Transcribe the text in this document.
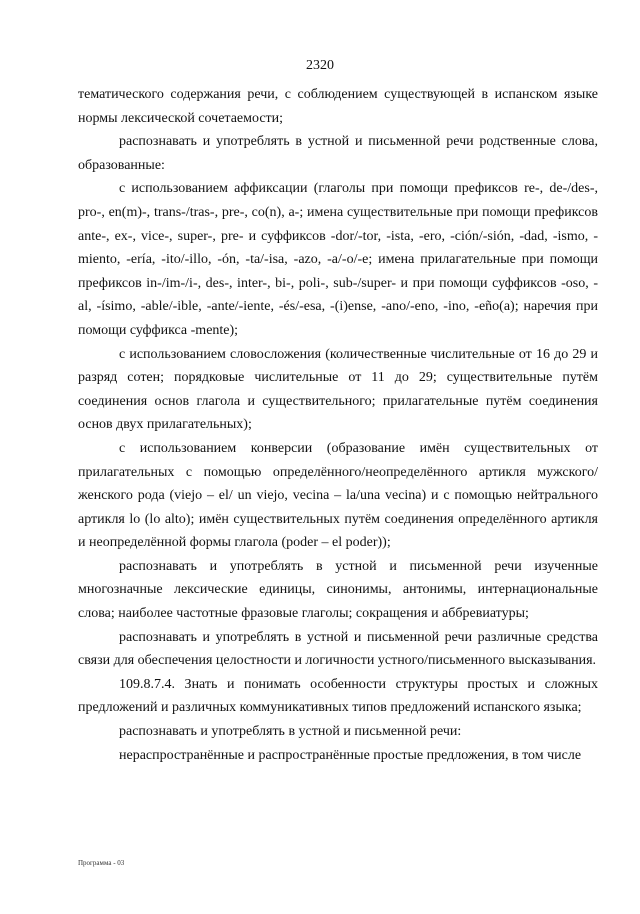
2320

тематического содержания речи, с соблюдением существующей в испанском языке нормы лексической сочетаемости;

распознавать и употреблять в устной и письменной речи родственные слова, образованные:

с использованием аффиксации (глаголы при помощи префиксов re-, de-/des-, pro-, en(m)-, trans-/tras-, pre-, co(n), a-; имена существительные при помощи префиксов ante-, ex-, vice-, super-, pre- и суффиксов -dor/-tor, -ista, -ero, -ción/-sión, -dad, -ismo, -miento, -ería, -ito/-illo, -ón, -ta/-isa, -azo, -a/-o/-e; имена прилагательные при помощи префиксов in-/im-/i-, des-, inter-, bi-, poli-, sub-/super- и при помощи суффиксов -oso, -al, -ísimo, -able/-ible, -ante/-iente, -és/-esa, -(i)ense, -ano/-eno, -ino, -eño(a); наречия при помощи суффикса -mente);

с использованием словосложения (количественные числительные от 16 до 29 и разряд сотен; порядковые числительные от 11 до 29; существительные путём соединения основ глагола и существительного; прилагательные путём соединения основ двух прилагательных);

с использованием конверсии (образование имён существительных от прилагательных с помощью определённого/неопределённого артикля мужского/женского рода (viejo – el/ un viejo, vecina – la/una vecina) и с помощью нейтрального артикля lo (lo alto); имён существительных путём соединения определённого артикля и неопределённой формы глагола (poder – el poder));

распознавать и употреблять в устной и письменной речи изученные многозначные лексические единицы, синонимы, антонимы, интернациональные слова; наиболее частотные фразовые глаголы; сокращения и аббревиатуры;

распознавать и употреблять в устной и письменной речи различные средства связи для обеспечения целостности и логичности устного/письменного высказывания.

109.8.7.4. Знать и понимать особенности структуры простых и сложных предложений и различных коммуникативных типов предложений испанского языка;

распознавать и употреблять в устной и письменной речи:

нераспространённые и распространённые простые предложения, в том числе

Программа - 03
